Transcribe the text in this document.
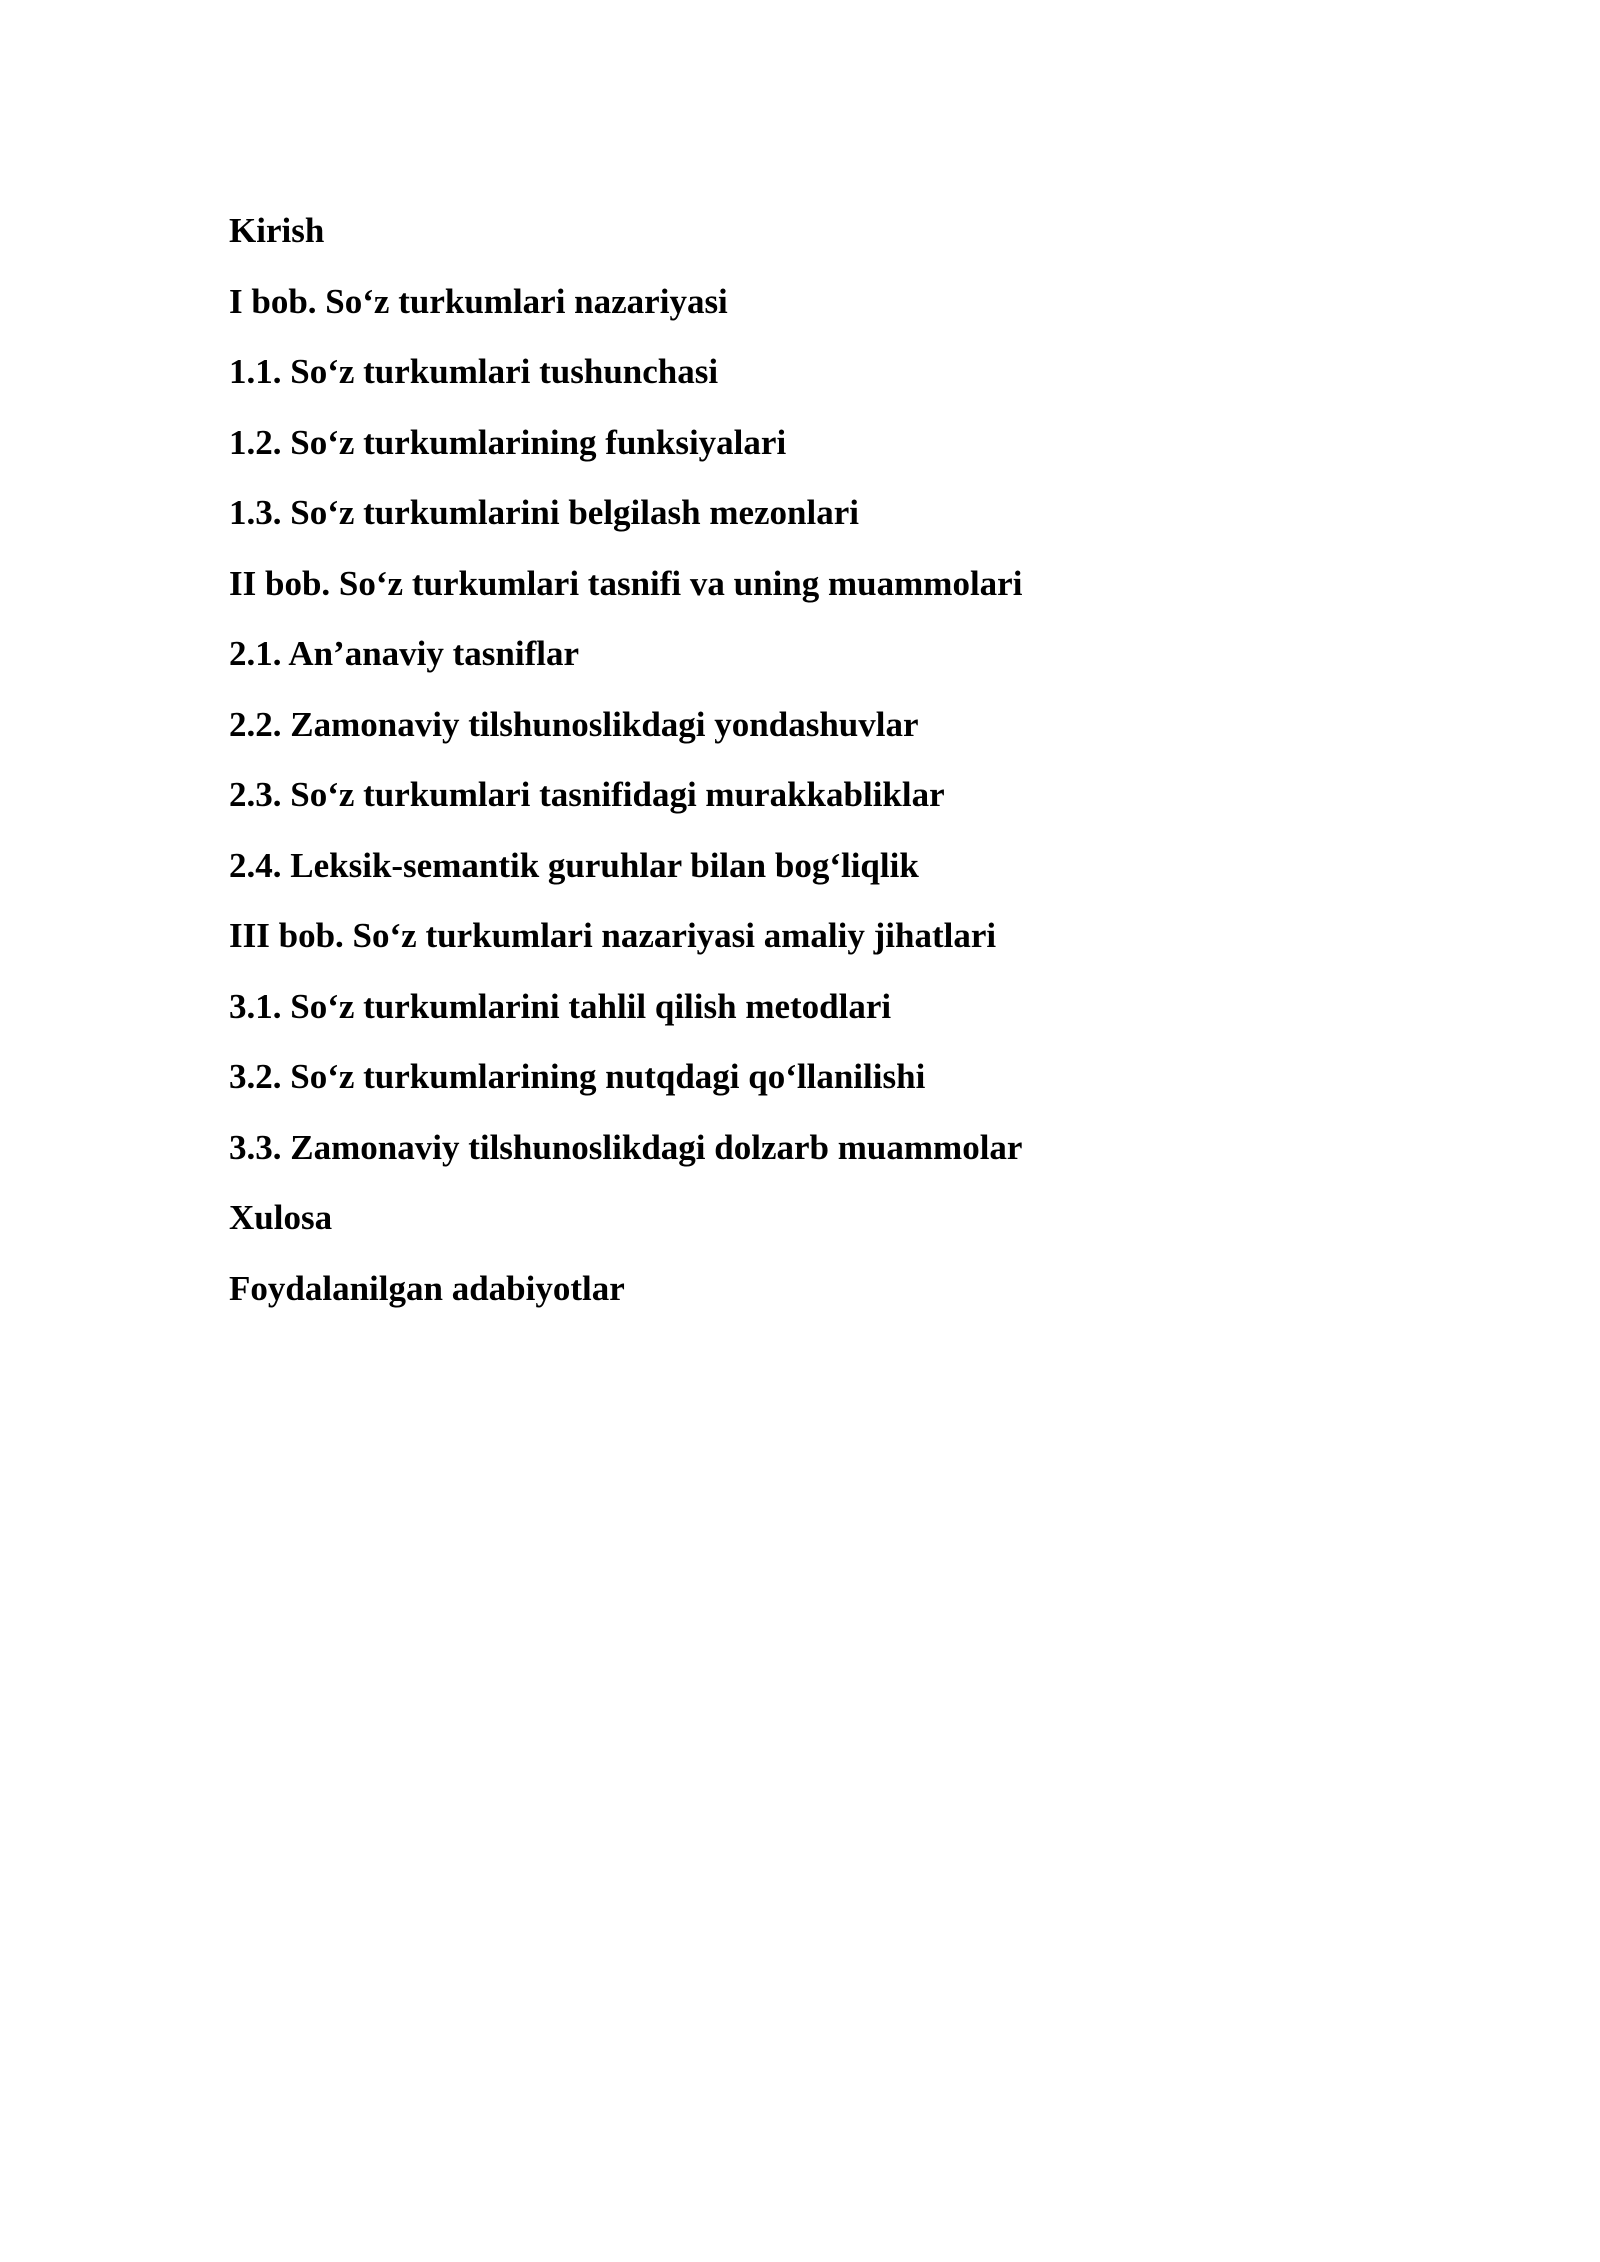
Kirish
I bob. So‘z turkumlari nazariyasi
1.1. So‘z turkumlari tushunchasi
1.2. So‘z turkumlarining funksiyalari
1.3. So‘z turkumlarini belgilash mezonlari
II bob. So‘z turkumlari tasnifi va uning muammolari
2.1. An’anaviy tasniflar
2.2. Zamonaviy tilshunoslikdagi yondashuvlar
2.3. So‘z turkumlari tasnifidagi murakkabliklar
2.4. Leksik-semantik guruhlar bilan bog‘liqlik
III bob. So‘z turkumlari nazariyasi amaliy jihatlari
3.1. So‘z turkumlarini tahlil qilish metodlari
3.2. So‘z turkumlarining nutqdagi qo‘llanilishi
3.3. Zamonaviy tilshunoslikdagi dolzarb muammolar
Xulosa
Foydalanilgan adabiyotlar
